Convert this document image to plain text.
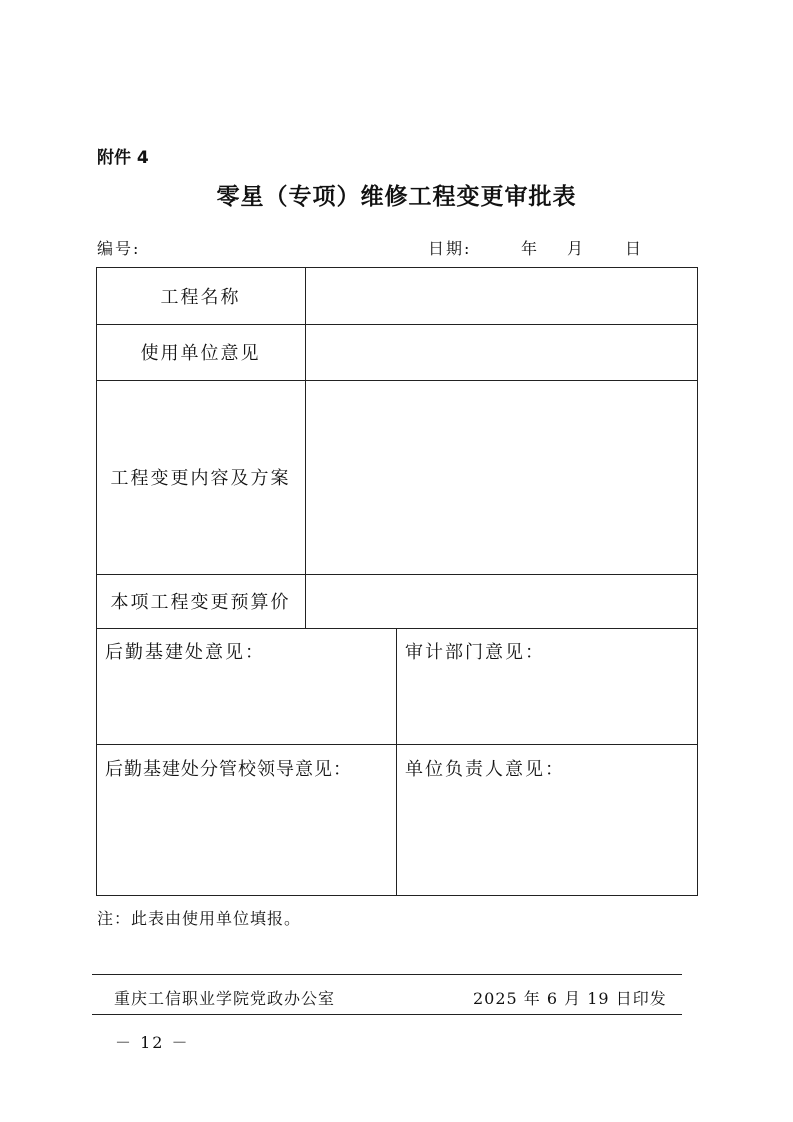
附件 4
零星（专项）维修工程变更审批表
编号:	日期:	年 月 日
工程名称
使用单位意见
工程变更内容及方案
本项工程变更预算价
后勤基建处意见：	审计部门意见：
后勤基建处分管校领导意见：	单位负责人意见：
注：此表由使用单位填报。
重庆工信职业学院党政办公室	2025 年 6 月 19 日印发
－ 12 －
